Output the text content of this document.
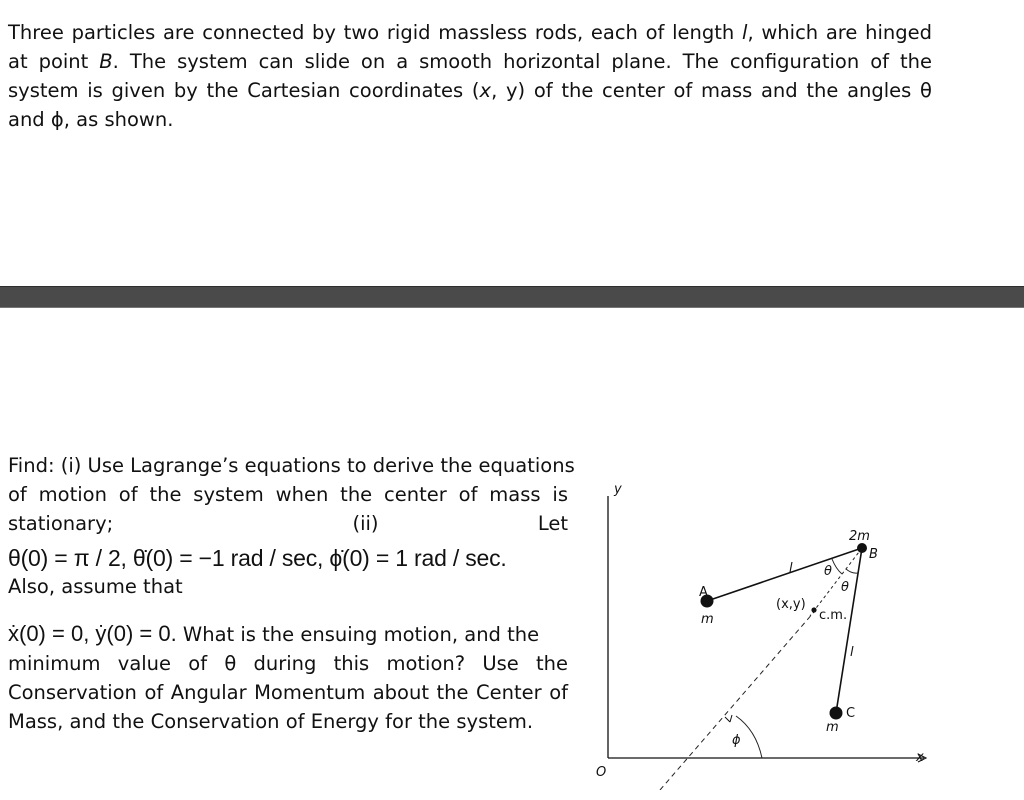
Three particles are connected by two rigid massless rods, each of length l, which are hinged at point B. The system can slide on a smooth horizontal plane. The configuration of the system is given by the Cartesian coordinates (x, y) of the center of mass and the angles θ and ϕ, as shown.

Find: (i) Use Lagrange’s equations to derive the equations
of motion of the system when the center of mass is
stationary;	(ii)	Let
θ(0) = π / 2, θ̇(0) = −1 rad / sec, ϕ̇(0) = 1 rad / sec.
Also, assume that
ẋ(0) = 0, ẏ(0) = 0. What is the ensuing motion, and the
minimum value of θ during this motion? Use the
Conservation of Angular Momentum about the Center of
Mass, and the Conservation of Energy for the system.
y
x
O
ϕ
θ
θ
A
m
l
2m
B
l
C
m
(x,y)
c.m.
